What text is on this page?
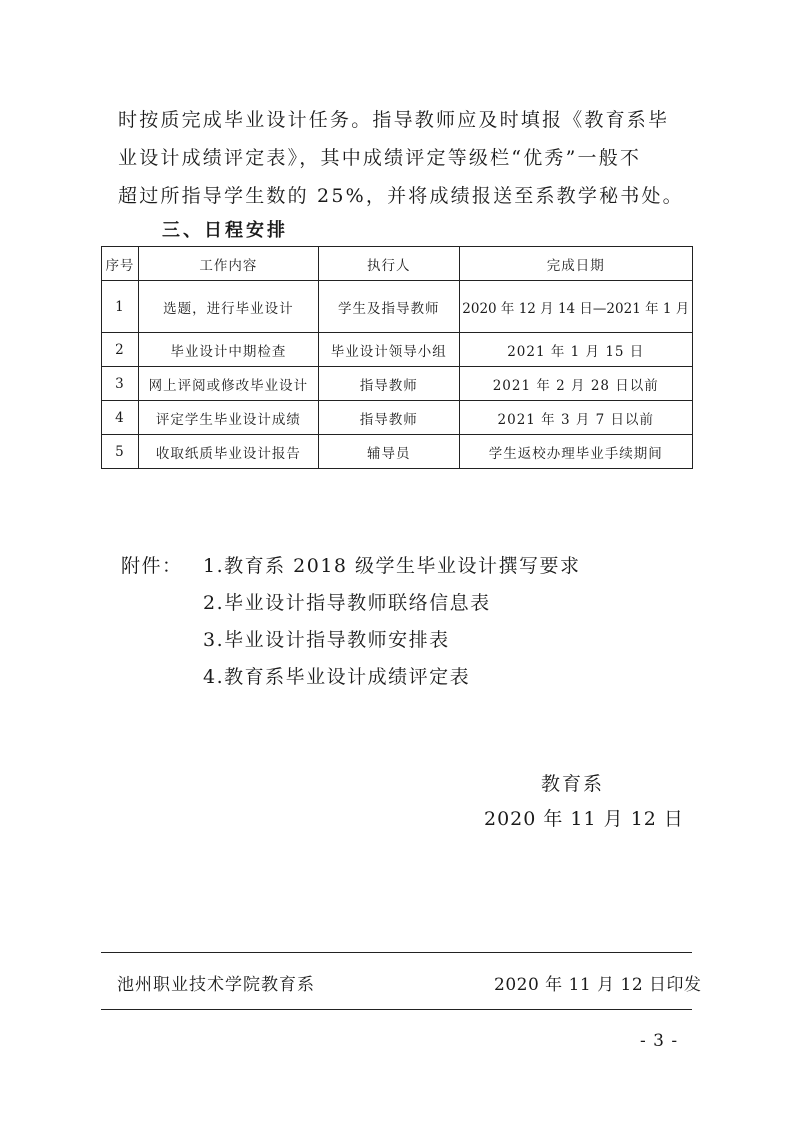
时按质完成毕业设计任务。指导教师应及时填报《教育系毕
业设计成绩评定表》，其中成绩评定等级栏“优秀”一般不
超过所指导学生数的 25%，并将成绩报送至系教学秘书处。
三、日程安排
序号	工作内容	执行人	完成日期
1	选题，进行毕业设计	学生及指导教师	2020 年 12 月 14 日—2021 年 1 月
2	毕业设计中期检查	毕业设计领导小组	2021 年 1 月 15 日
3	网上评阅或修改毕业设计	指导教师	2021 年 2 月 28 日以前
4	评定学生毕业设计成绩	指导教师	2021 年 3 月 7 日以前
5	收取纸质毕业设计报告	辅导员	学生返校办理毕业手续期间
附件： 1.教育系 2018 级学生毕业设计撰写要求
2.毕业设计指导教师联络信息表
3.毕业设计指导教师安排表
4.教育系毕业设计成绩评定表
教育系
2020 年 11 月 12 日
池州职业技术学院教育系	2020 年 11 月 12 日印发
- 3 -
